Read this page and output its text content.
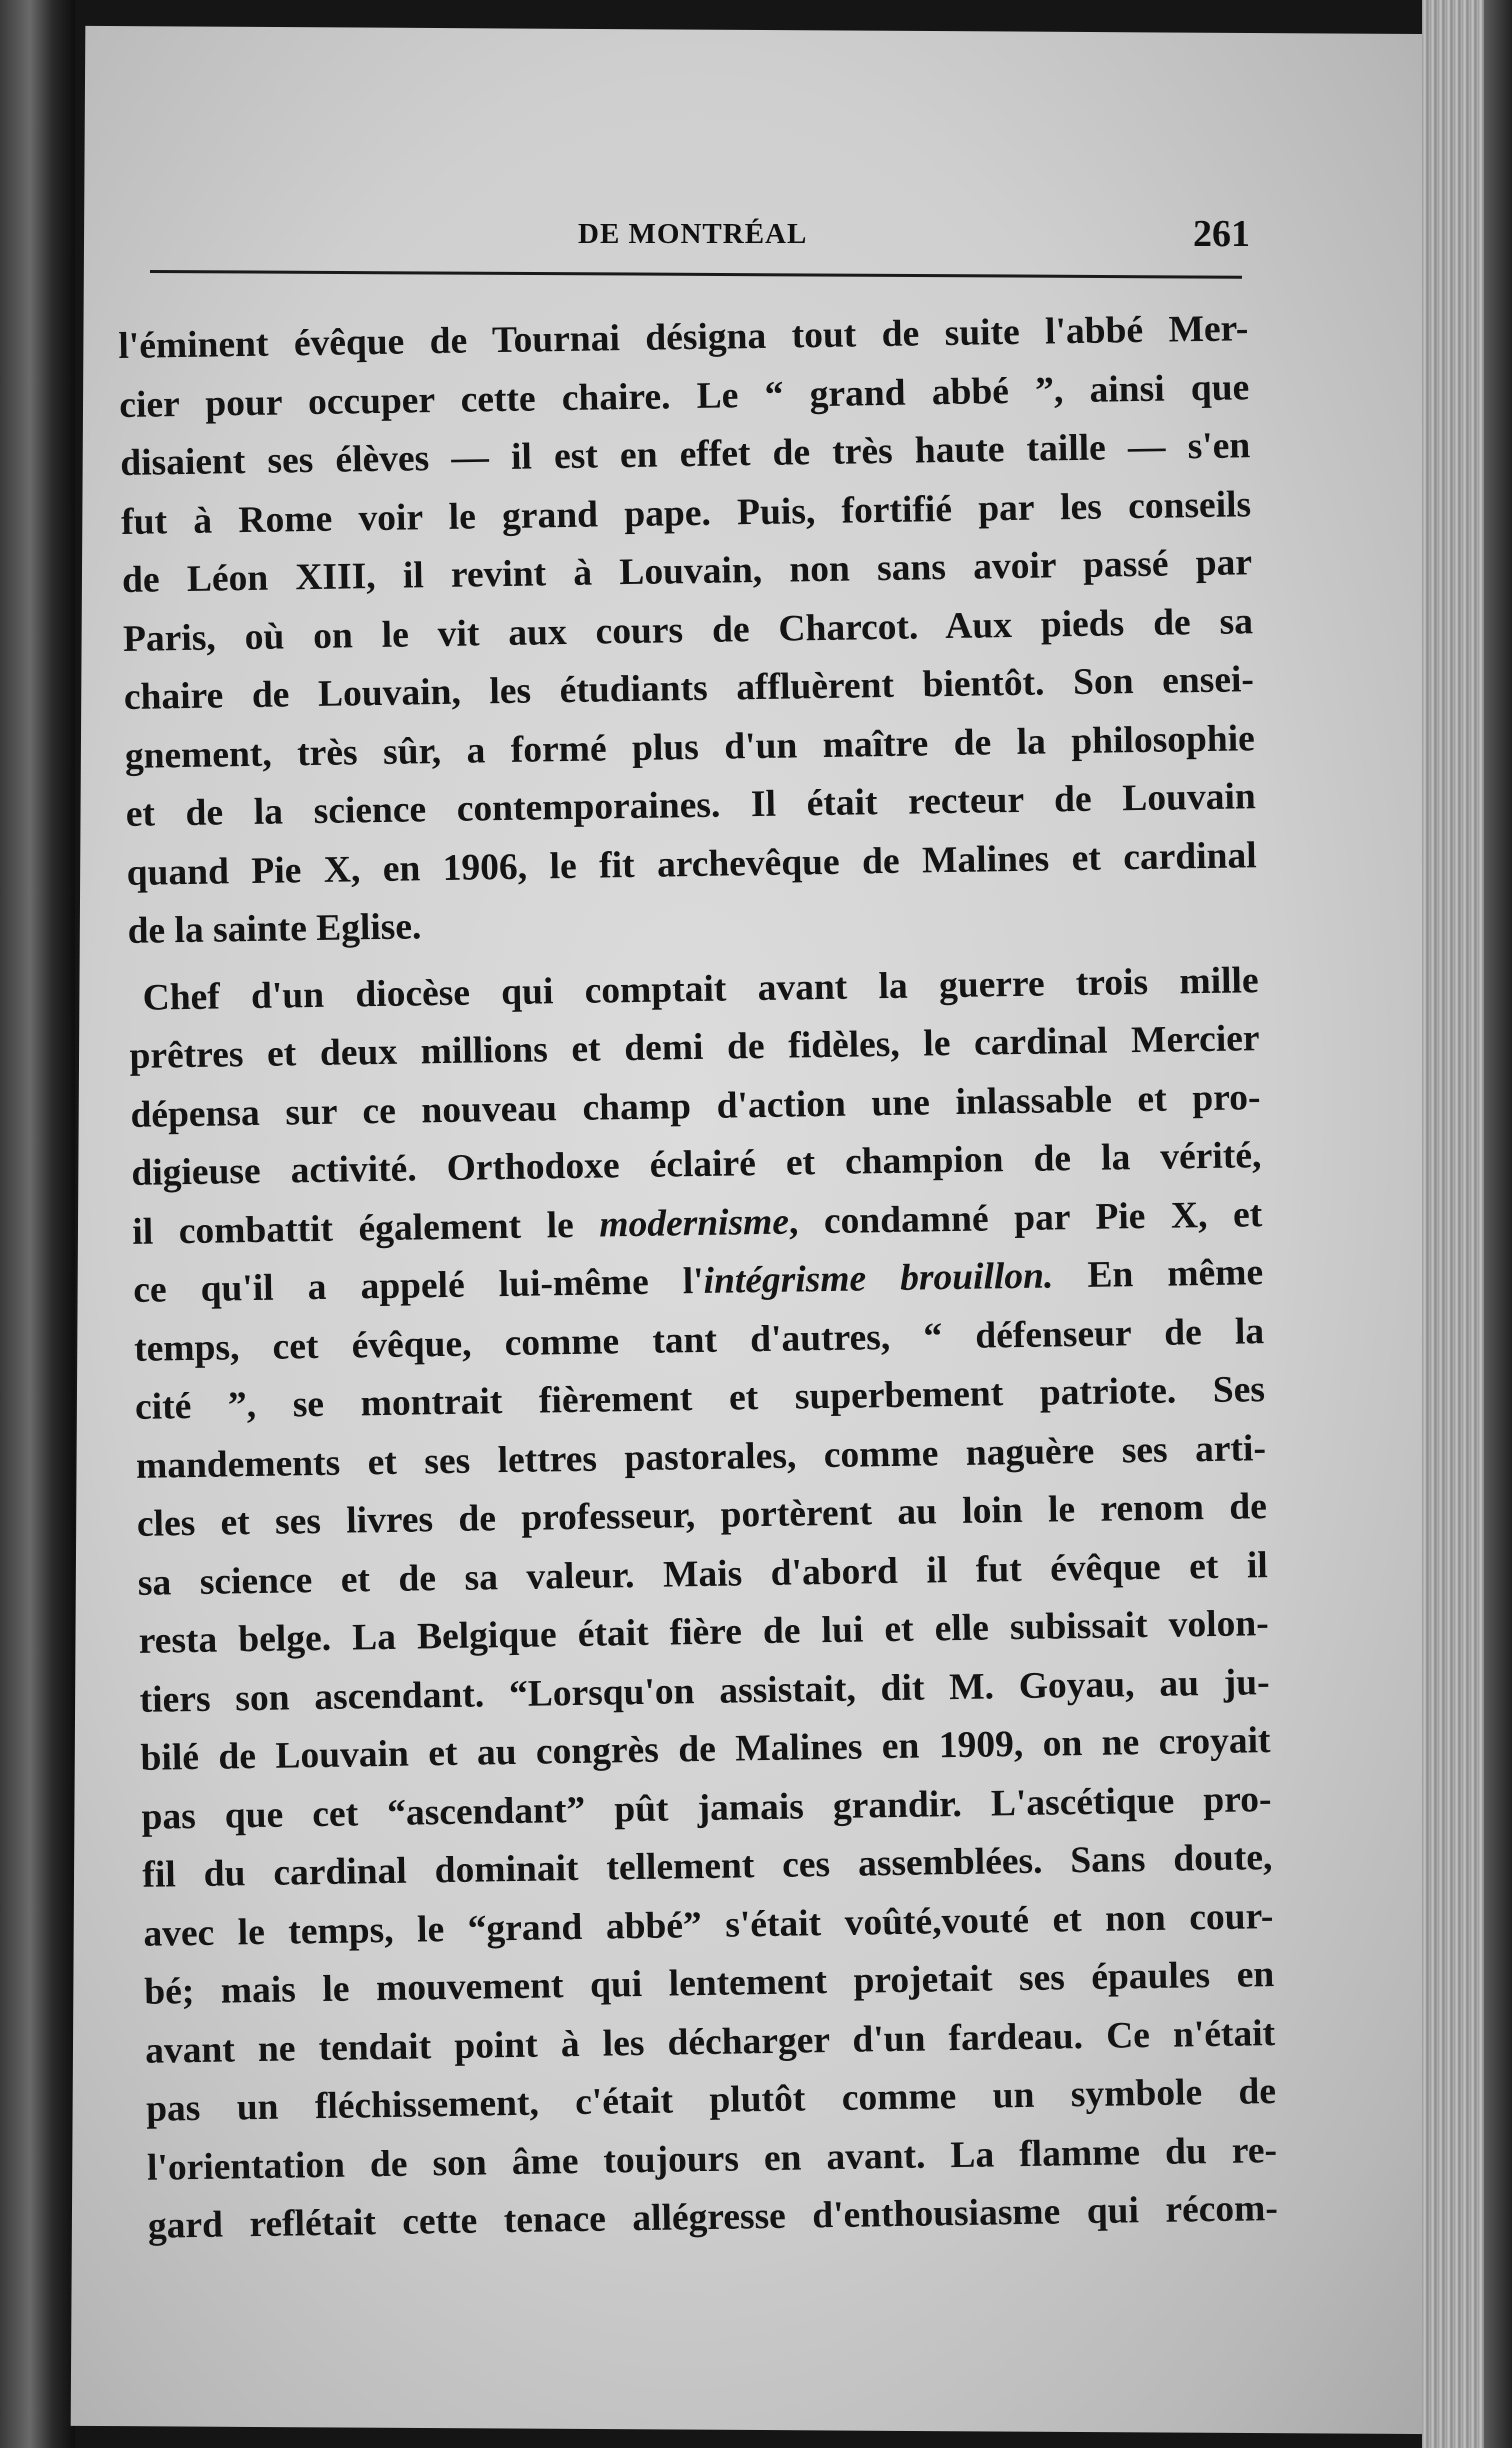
DE MONTRÉAL	261
l'éminent évêque de Tournai désigna tout de suite l'abbé Mer-
cier pour occuper cette chaire. Le “ grand abbé ”, ainsi que
disaient ses élèves — il est en effet de très haute taille — s'en
fut à Rome voir le grand pape. Puis, fortifié par les conseils
de Léon XIII, il revint à Louvain, non sans avoir passé par
Paris, où on le vit aux cours de Charcot. Aux pieds de sa
chaire de Louvain, les étudiants affluèrent bientôt. Son ensei-
gnement, très sûr, a formé plus d'un maître de la philosophie
et de la science contemporaines. Il était recteur de Louvain
quand Pie X, en 1906, le fit archevêque de Malines et cardinal
de la sainte Eglise.
Chef d'un diocèse qui comptait avant la guerre trois mille
prêtres et deux millions et demi de fidèles, le cardinal Mercier
dépensa sur ce nouveau champ d'action une inlassable et pro-
digieuse activité. Orthodoxe éclairé et champion de la vérité,
il combattit également le modernisme, condamné par Pie X, et
ce qu'il a appelé lui-même l'intégrisme brouillon. En même
temps, cet évêque, comme tant d'autres, “ défenseur de la
cité ”, se montrait fièrement et superbement patriote. Ses
mandements et ses lettres pastorales, comme naguère ses arti-
cles et ses livres de professeur, portèrent au loin le renom de
sa science et de sa valeur. Mais d'abord il fut évêque et il
resta belge. La Belgique était fière de lui et elle subissait volon-
tiers son ascendant. “Lorsqu'on assistait, dit M. Goyau, au ju-
bilé de Louvain et au congrès de Malines en 1909, on ne croyait
pas que cet “ascendant” pût jamais grandir. L'ascétique pro-
fil du cardinal dominait tellement ces assemblées. Sans doute,
avec le temps, le “grand abbé” s'était voûté,vouté et non cour-
bé; mais le mouvement qui lentement projetait ses épaules en
avant ne tendait point à les décharger d'un fardeau. Ce n'était
pas un fléchissement, c'était plutôt comme un symbole de
l'orientation de son âme toujours en avant. La flamme du re-
gard reflétait cette tenace allégresse d'enthousiasme qui récom-
